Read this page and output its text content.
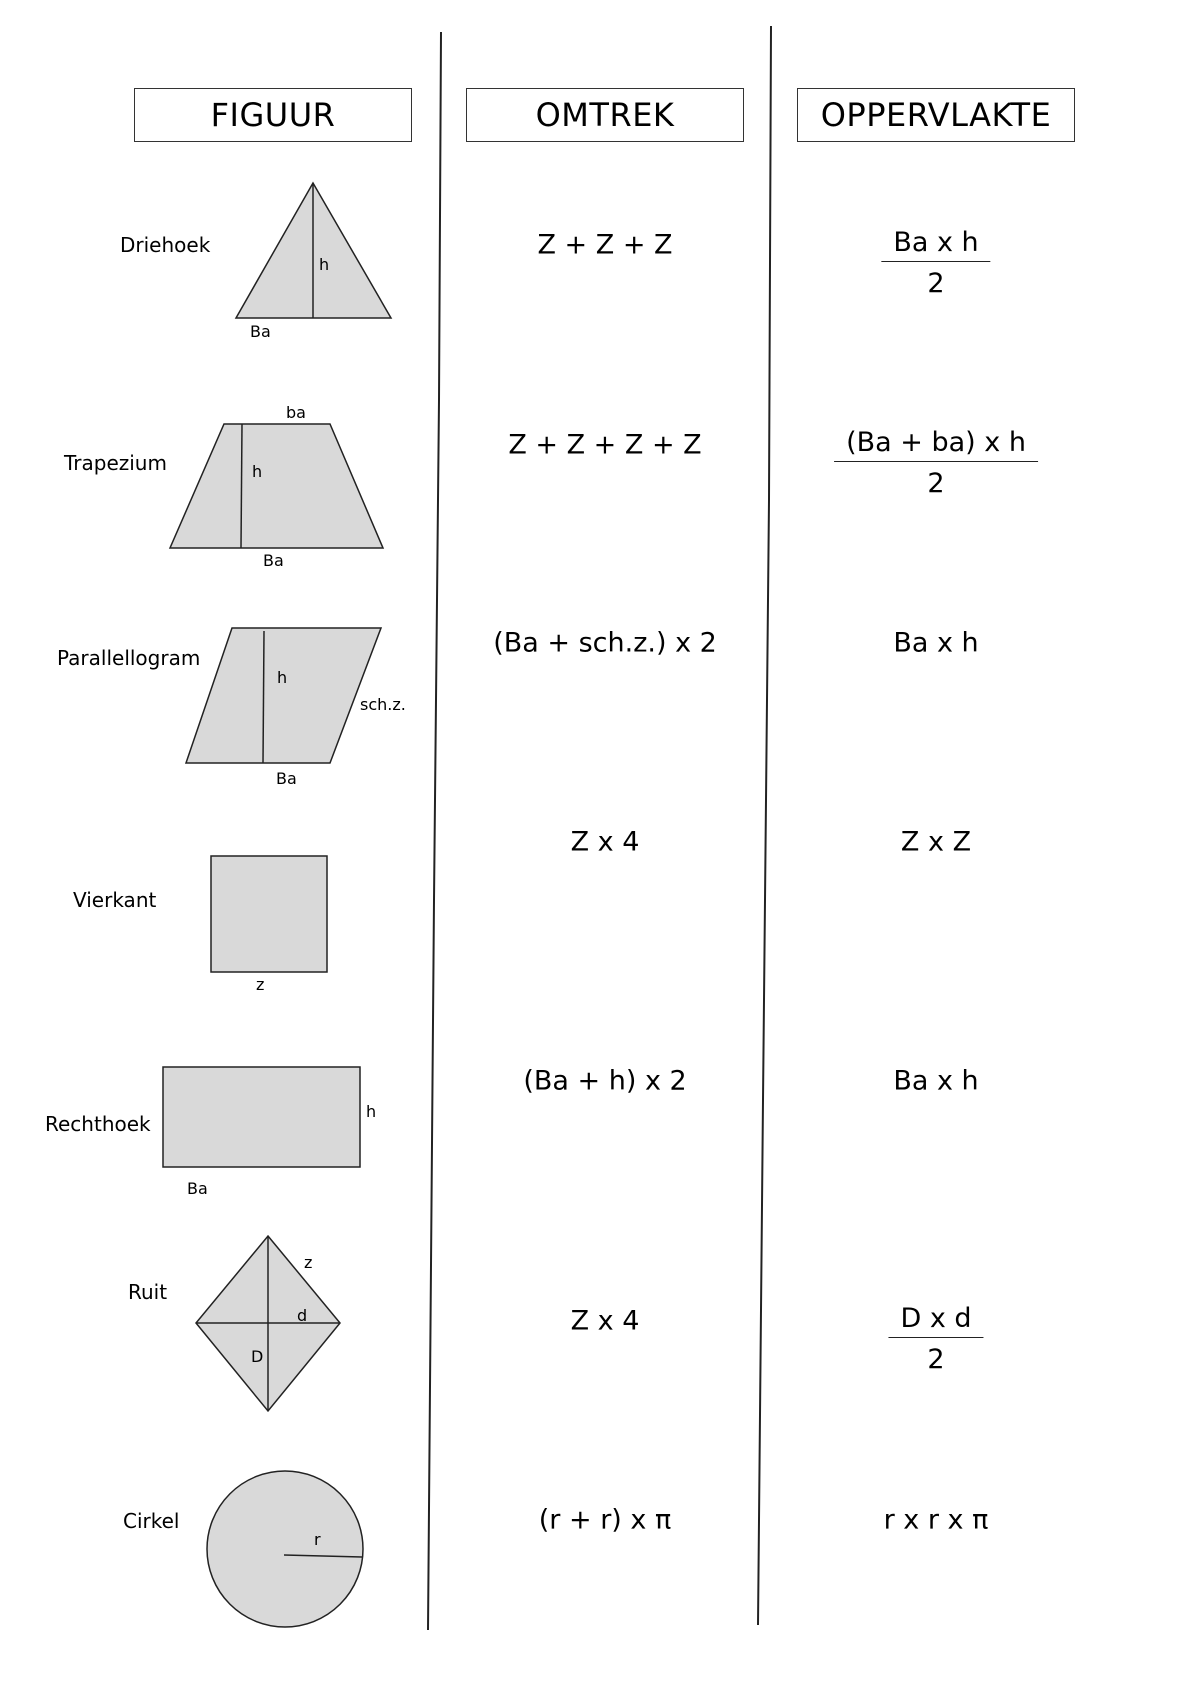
FIGUUR	OMTREK	OPPERVLAKTE
Driehoek
Trapezium
Parallellogram
Vierkant
Rechthoek
Ruit
Cirkel
h
Ba
ba
h
Ba
h
sch.z.
Ba
z
h
Ba
z
d
D
r
Z + Z + Z
Z + Z + Z + Z
(Ba + sch.z.) x 2
Z x 4
(Ba + h) x 2
Z x 4
(r + r) x π
$\frac{\text{Ba x h}}{2}$
$\frac{\text{(Ba + ba) x h}}{2}$
Ba x h
Z x Z
Ba x h
$\frac{\text{D x d}}{2}$
r x r x π
